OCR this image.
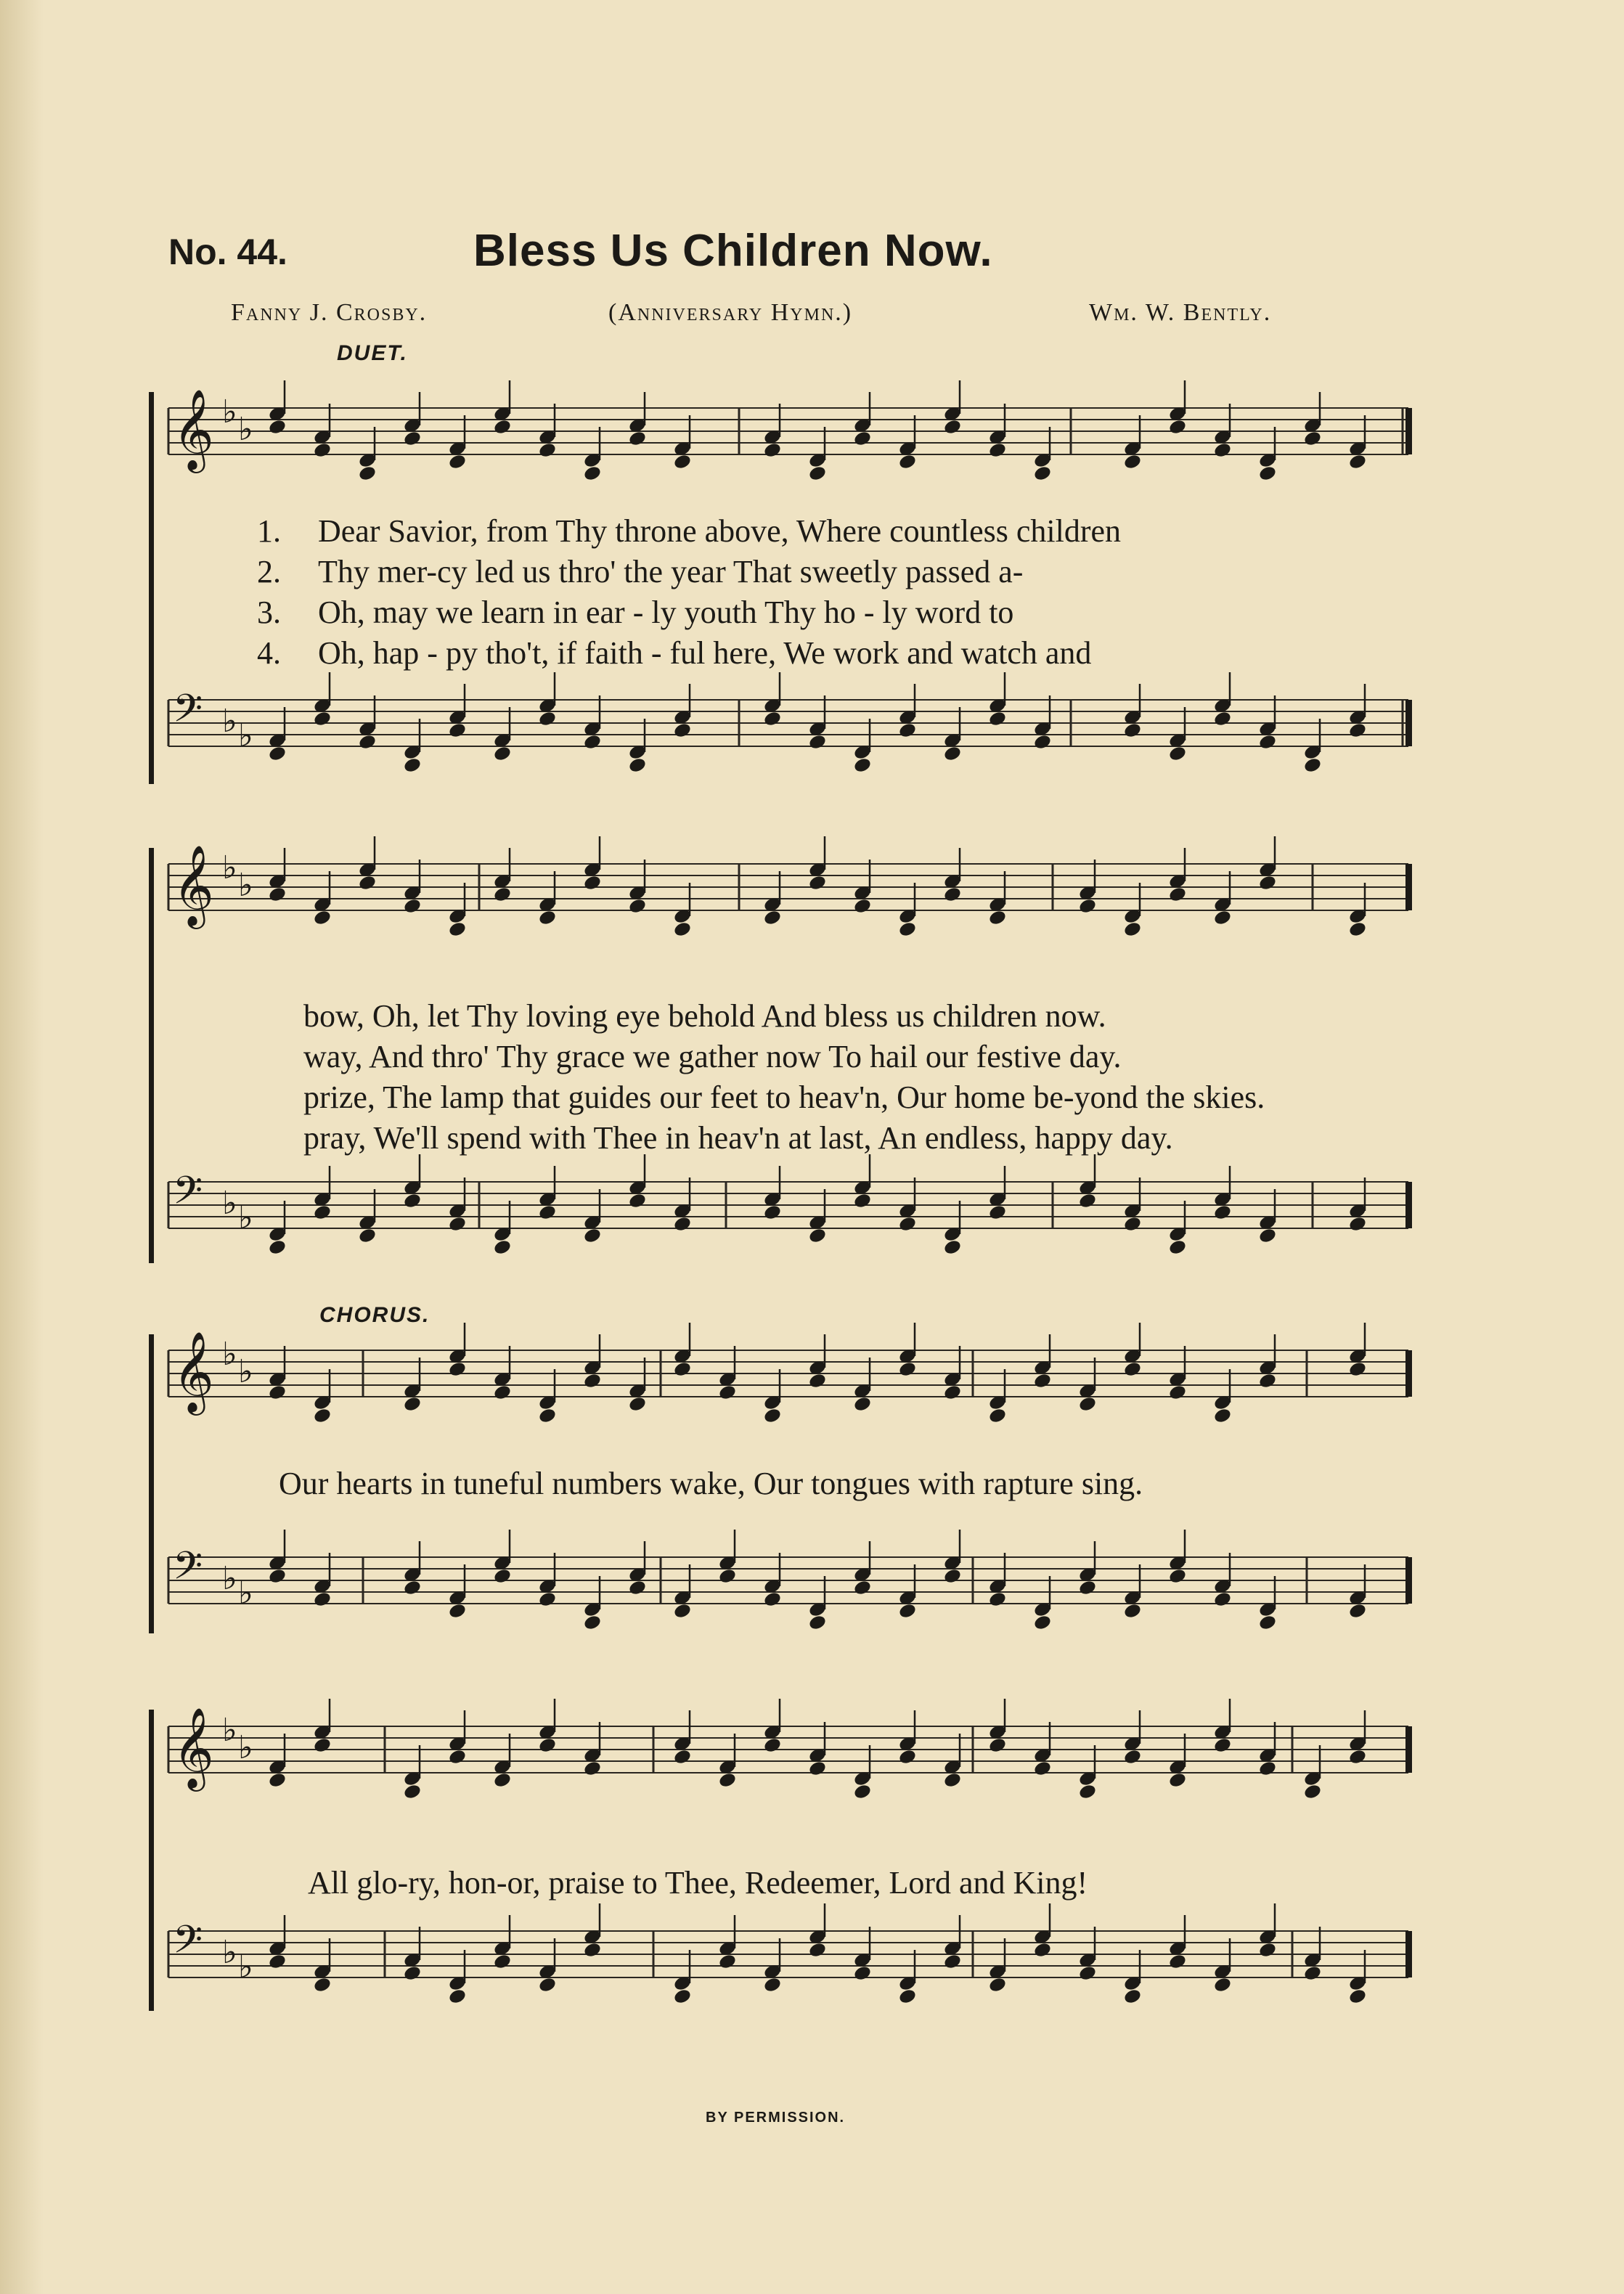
No. 44.	Bless Us Children Now.
Fanny J. Crosby.	(Anniversary Hymn.)	Wm. W. Bently.
DUET.
CHORUS.
𝄞 ♭ ♭
𝄢 ♭ ♭
𝄞 ♭ ♭
𝄢 ♭ ♭
𝄞 ♭ ♭
𝄢 ♭ ♭
𝄞 ♭ ♭
𝄢 ♭ ♭
1. Dear Savior, from Thy throne above, Where countless children
2. Thy mer-cy led us thro' the year That sweetly passed a-
3. Oh, may we learn in ear - ly youth Thy ho - ly word to
4. Oh, hap - py tho't, if faith - ful here, We work and watch and
bow, Oh, let Thy loving eye behold And bless us children now.
way, And thro' Thy grace we gather now To hail our festive day.
prize, The lamp that guides our feet to heav'n, Our home be-yond the skies.
pray, We'll spend with Thee in heav'n at last, An endless, happy day.
Our hearts in tuneful numbers wake, Our tongues with rapture sing.
All glo-ry, hon-or, praise to Thee, Redeemer, Lord and King!
BY PERMISSION.
